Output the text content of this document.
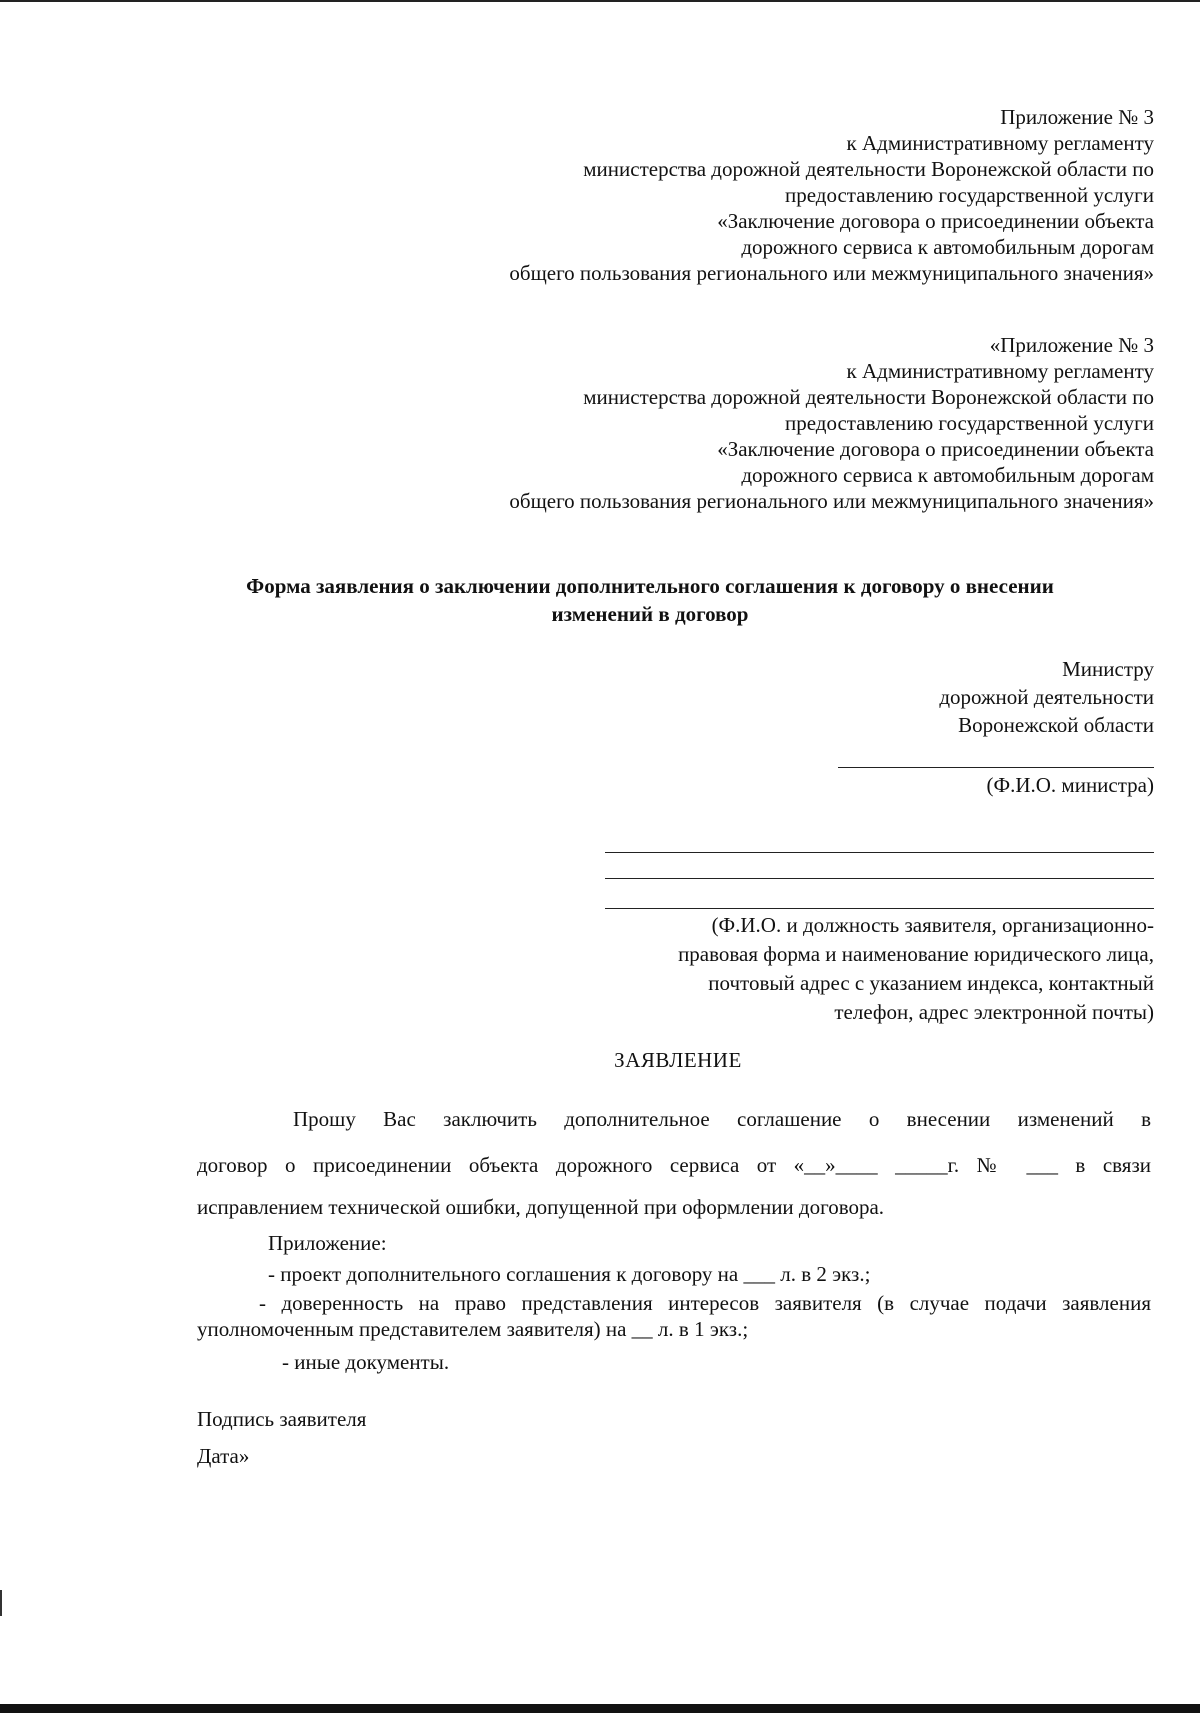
Приложение № 3
к Административному регламенту
министерства дорожной деятельности Воронежской области по
предоставлению государственной услуги
«Заключение договора о присоединении объекта
дорожного сервиса к автомобильным дорогам
общего пользования регионального или межмуниципального значения»
«Приложение № 3
к Административному регламенту
министерства дорожной деятельности Воронежской области по
предоставлению государственной услуги
«Заключение договора о присоединении объекта
дорожного сервиса к автомобильным дорогам
общего пользования регионального или межмуниципального значения»
Форма заявления о заключении дополнительного соглашения к договору о внесении
изменений в договор
Министру
дорожной деятельности
Воронежской области
(Ф.И.О. министра)
(Ф.И.О. и должность заявителя, организационно-
правовая форма и наименование юридического лица,
почтовый адрес с указанием индекса, контактный
телефон, адрес электронной почты)
ЗАЯВЛЕНИЕ
Прошу Вас заключить дополнительное соглашение о внесении изменений в
договор о присоединении объекта дорожного сервиса от «__»____ _____г. № ___ в связи
исправлением технической ошибки, допущенной при оформлении договора.
Приложение:
- проект дополнительного соглашения к договору на ___ л. в 2 экз.;
- доверенность на право представления интересов заявителя (в случае подачи заявления уполномоченным представителем заявителя) на __ л. в 1 экз.;
- иные документы.
Подпись заявителя
Дата»
